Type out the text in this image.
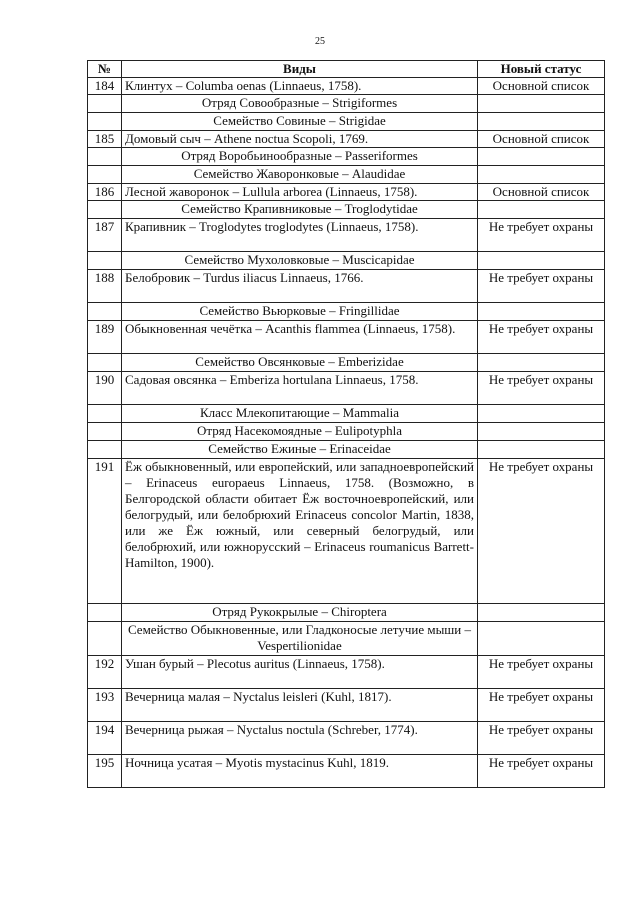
25
№	Виды	Новый статус
184	Клинтух – Columba oenas (Linnaeus, 1758).	Основной список
	Отряд Совообразные – Strigiformes	
	Семейство Совиные – Strigidae	
185	Домовый сыч – Athene noctua Scopoli, 1769.	Основной список
	Отряд Воробьинообразные – Passeriformes	
	Семейство Жаворонковые – Alaudidae	
186	Лесной жаворонок – Lullula arborea (Linnaeus, 1758).	Основной список
	Семейство Крапивниковые – Troglodytidae	
187	Крапивник – Troglodytes troglodytes (Linnaeus, 1758).	Не требует охраны
	Семейство Мухоловковые – Muscicapidae	
188	Белобровик – Turdus iliacus Linnaeus, 1766.	Не требует охраны
	Семейство Вьюрковые – Fringillidae	
189	Обыкновенная чечётка – Acanthis flammea (Linnaeus, 1758).	Не требует охраны
	Семейство Овсянковые – Emberizidae	
190	Садовая овсянка – Emberiza hortulana Linnaeus, 1758.	Не требует охраны
	Класс Млекопитающие – Mammalia	
	Отряд Насекомоядные – Eulipotyphla	
	Семейство Ежиные – Erinaceidae	
191	Ёж обыкновенный, или европейский, или западноевропейский – Erinaceus europaeus Linnaeus, 1758. (Возможно, в Белгородской области обитает Ёж восточноевропейский, или белогрудый, или белобрюхий Erinaceus concolor Martin, 1838, или же Ёж южный, или северный белогрудый, или белобрюхий, или южнорусский – Erinaceus roumanicus Barrett-Hamilton, 1900).	Не требует охраны
	Отряд Рукокрылые – Chiroptera	
	Семейство Обыкновенные, или Гладконосые летучие мыши – Vespertilionidae	
192	Ушан бурый – Plecotus auritus (Linnaeus, 1758).	Не требует охраны
193	Вечерница малая – Nyctalus leisleri (Kuhl, 1817).	Не требует охраны
194	Вечерница рыжая – Nyctalus noctula (Schreber, 1774).	Не требует охраны
195	Ночница усатая – Myotis mystacinus Kuhl, 1819.	Не требует охраны
